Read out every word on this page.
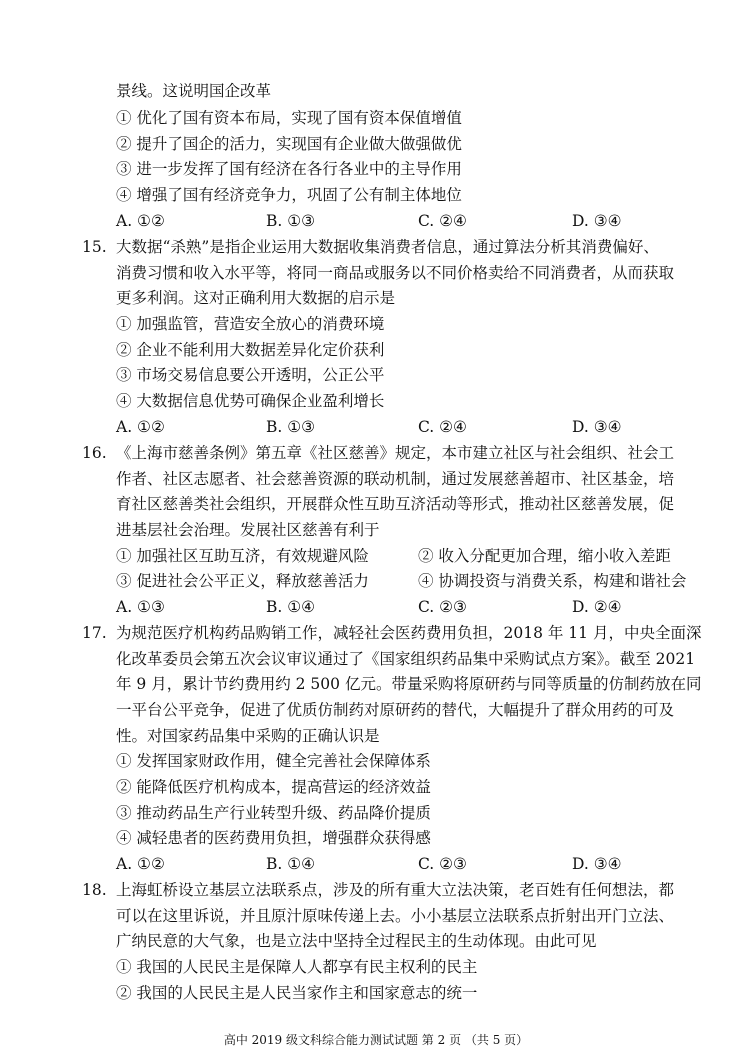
景线。这说明国企改革
① 优化了国有资本布局，实现了国有资本保值增值
② 提升了国企的活力，实现国有企业做大做强做优
③ 进一步发挥了国有经济在各行各业中的主导作用
④ 增强了国有经济竞争力，巩固了公有制主体地位
A. ①②	B. ①③	C. ②④	D. ③④
15. 大数据“杀熟”是指企业运用大数据收集消费者信息，通过算法分析其消费偏好、
消费习惯和收入水平等，将同一商品或服务以不同价格卖给不同消费者，从而获取
更多利润。这对正确利用大数据的启示是
① 加强监管，营造安全放心的消费环境
② 企业不能利用大数据差异化定价获利
③ 市场交易信息要公开透明，公正公平
④ 大数据信息优势可确保企业盈利增长
A. ①②	B. ①③	C. ②④	D. ③④
16. 《上海市慈善条例》第五章《社区慈善》规定，本市建立社区与社会组织、社会工
作者、社区志愿者、社会慈善资源的联动机制，通过发展慈善超市、社区基金，培
育社区慈善类社会组织，开展群众性互助互济活动等形式，推动社区慈善发展，促
进基层社会治理。发展社区慈善有利于
① 加强社区互助互济，有效规避风险	② 收入分配更加合理，缩小收入差距
③ 促进社会公平正义，释放慈善活力	④ 协调投资与消费关系，构建和谐社会
A. ①③	B. ①④	C. ②③	D. ②④
17. 为规范医疗机构药品购销工作，减轻社会医药费用负担，2018 年 11 月，中央全面深
化改革委员会第五次会议审议通过了《国家组织药品集中采购试点方案》。截至 2021
年 9 月，累计节约费用约 2 500 亿元。带量采购将原研药与同等质量的仿制药放在同
一平台公平竞争，促进了优质仿制药对原研药的替代，大幅提升了群众用药的可及
性。对国家药品集中采购的正确认识是
① 发挥国家财政作用，健全完善社会保障体系
② 能降低医疗机构成本，提高营运的经济效益
③ 推动药品生产行业转型升级、药品降价提质
④ 减轻患者的医药费用负担，增强群众获得感
A. ①②	B. ①④	C. ②③	D. ③④
18. 上海虹桥设立基层立法联系点，涉及的所有重大立法决策，老百姓有任何想法，都
可以在这里诉说，并且原汁原味传递上去。小小基层立法联系点折射出开门立法、
广纳民意的大气象，也是立法中坚持全过程民主的生动体现。由此可见
① 我国的人民民主是保障人人都享有民主权利的民主
② 我国的人民民主是人民当家作主和国家意志的统一
高中 2019 级文科综合能力测试试题 第 2 页 （共 5 页）
